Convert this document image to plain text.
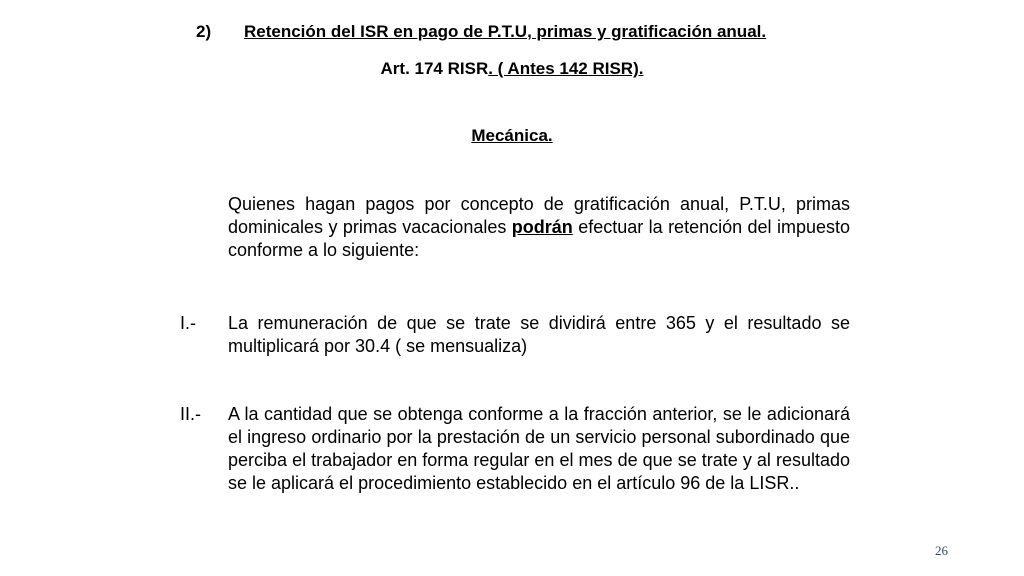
2) Retención del ISR en pago de P.T.U, primas y gratificación anual.
Art. 174 RISR. ( Antes 142 RISR).
Mecánica.
Quienes hagan pagos por concepto de gratificación anual, P.T.U, primas dominicales y primas vacacionales podrán efectuar la retención del impuesto conforme a lo siguiente:
I.- La remuneración de que se trate se dividirá entre 365 y el resultado se multiplicará por 30.4 ( se mensualiza)
II.- A la cantidad que se obtenga conforme a la fracción anterior, se le adicionará el ingreso ordinario por la prestación de un servicio personal subordinado que perciba el trabajador en forma regular en el mes de que se trate y al resultado se le aplicará el procedimiento establecido en el artículo 96 de la LISR..
26
